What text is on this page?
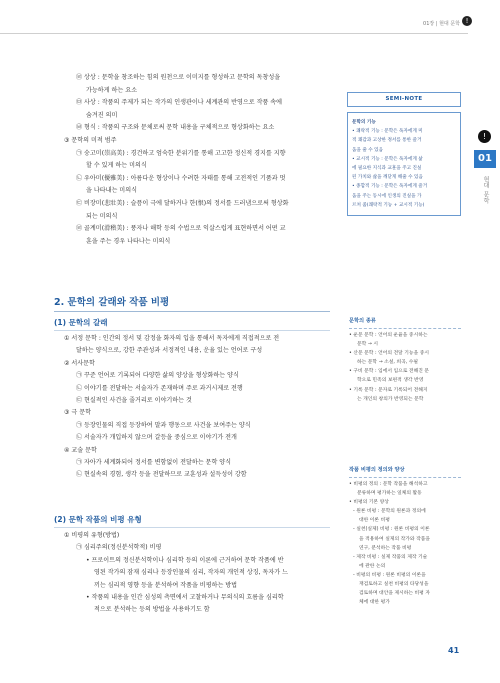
01장 | 현대 문학 !
㉣ 상상 : 문학을 창조하는 힘의 원천으로 이미지를 형성하고 문학의 독창성을
가능하게 하는 요소
㉤ 사상 : 작품의 주제가 되는 작가의 인생관이나 세계관의 반영으로 작품 속에
숨겨진 의미
㉥ 형식 : 작품의 구조와 문체로써 문학 내용을 구체적으로 형상화하는 요소
③ 문학의 미적 범주
㉠ 숭고미(崇高美) : 경건하고 엄숙한 분위기를 통해 고고한 정신적 경지를 지향
할 수 있게 하는 미의식
㉡ 우아미(優雅美) : 아름다운 형상이나 수려한 자태를 통해 고전적인 기품과 멋
을 나타내는 미의식
㉢ 비장미(悲壯美) : 슬픔이 극에 달하거나 한(恨)의 정서를 드러냄으로써 형상화
되는 미의식
㉣ 골계미(滑稽美) : 풍자나 해학 등의 수법으로 익살스럽게 표현하면서 어떤 교
훈을 주는 경우 나타나는 미의식
2. 문학의 갈래와 작품 비평
(1) 문학의 갈래
① 서정 문학 : 인간의 정서 및 감정을 화자의 입을 통해서 독자에게 직접적으로 전
달하는 양식으로, 강한 주관성과 서정적인 내용, 운율 있는 언어로 구성
② 서사문학
㉠ 꾸준 언어로 기록되어 다양한 삶의 양상을 형상화하는 양식
㉡ 이야기를 전달하는 서술자가 존재하며 주로 과거시제로 전행
㉢ 현실적인 사건을 줄거리로 이야기하는 것
③ 극 문학
㉠ 등장인물의 직접 등장하여 말과 행동으로 사건을 보여주는 양식
㉡ 서술자가 개입하지 않으며 갈등을 중심으로 이야기가 전개
④ 교술 문학
㉠ 자아가 세계화되어 정서를 변함없이 전달하는 문학 양식
㉡ 현실속의 경험, 생각 등을 전달하므로 교훈성과 설득성이 강함
(2) 문학 작품의 비평 유형
① 비평의 유형(방법)
㉠ 심리주의(정신분석학적) 비평
• 프로이트의 정신분석학이나 심리학 등의 이론에 근거하여 문학 작품에 반
영된 작가의 잠재 심리나 등장인물의 심리, 작자의 개인적 상징, 독자가 느
끼는 심리적 영향 등을 분석하여 작품을 비평하는 방법
• 작품의 내용을 인간 심성의 측면에서 고찰하거나 무의식의 흐름을 심리학
적으로 분석하는 등의 방법을 사용하기도 함
SEMI-NOTE
문학의 기능
• 쾌락적 기능 : 문학은 독자에게 미
적 쾌감과 고상한 정서를 통한 즐거
움을 줄 수 있음
• 교시적 기능 : 문학은 독자에게 삶
에 필요한 지식과 교훈을 주고 진실
된 가치와 삶을 깨닫게 해줄 수 있음
• 종합적 기능 : 문학은 독자에게 즐거
움을 주는 동시에 인생의 진실을 가
르쳐 줌(쾌락적 기능 + 교시적 기능)
문학의 종류
• 운문 문학 : 언어의 운율을 중시하는
문학 → 시
• 산문 문학 : 언어의 전달 기능을 중시
하는 문학 → 소설, 희곡, 수필
• 구비 문학 : 입에서 입으로 전해진 문
학으로 민족의 보편적 생각 반영
• 기록 문학 : 문자로 기록되어 전해지
는 개인의 창의가 반영되는 문학
작품 비평의 정의와 양상
• 비평의 정의 : 문학 작품을 해석하고
분류하며 평가하는 일체의 활동
• 비평의 기본 양상
- 원론 비평 : 문학의 원론과 정의에
대한 이론 비평
- 실천(실제) 비평 : 원론 비평의 이론
을 적용하여 실제의 작가와 작품을
연구, 분석하는 작품 비평
- 제작 비평 : 실제 작품의 제작 기술
에 관한 논의
- 비평의 비평 : 원론 비평의 이론을
재검토하고 실천 비평의 타당성을
검토하며 대안을 제시하는 비평 자
체에 대한 평가
!
01
현대 문학
41
